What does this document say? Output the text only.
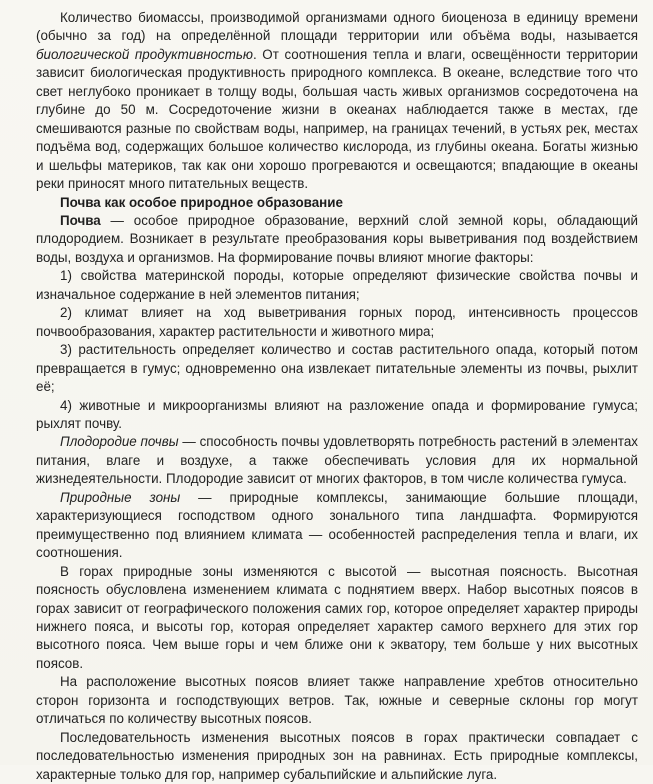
Количество биомассы, производимой организмами одного биоценоза в единицу времени (обычно за год) на определённой площади территории или объёма воды, называется биологической продуктивностью. От соотношения тепла и влаги, освещённости территории зависит биологическая продуктивность природного комплекса. В океане, вследствие того что свет неглубоко проникает в толщу воды, большая часть живых организмов сосредоточена на глубине до 50 м. Сосредоточение жизни в океанах наблюдается также в местах, где смешиваются разные по свойствам воды, например, на границах течений, в устьях рек, местах подъёма вод, содержащих большое количество кислорода, из глубины океана. Богаты жизнью и шельфы материков, так как они хорошо прогреваются и освещаются; впадающие в океаны реки приносят много питательных веществ.

Почва как особое природное образование

Почва — особое природное образование, верхний слой земной коры, обладающий плодородием. Возникает в результате преобразования коры выветривания под воздействием воды, воздуха и организмов. На формирование почвы влияют многие факторы:

1) свойства материнской породы, которые определяют физические свойства почвы и изначальное содержание в ней элементов питания;

2) климат влияет на ход выветривания горных пород, интенсивность процессов почвообразования, характер растительности и животного мира;

3) растительность определяет количество и состав растительного опада, который потом превращается в гумус; одновременно она извлекает питательные элементы из почвы, рыхлит её;

4) животные и микроорганизмы влияют на разложение опада и формирование гумуса; рыхлят почву.

Плодородие почвы — способность почвы удовлетворять потребность растений в элементах питания, влаге и воздухе, а также обеспечивать условия для их нормальной жизнедеятельности. Плодородие зависит от многих факторов, в том числе количества гумуса.

Природные зоны — природные комплексы, занимающие большие площади, характеризующиеся господством одного зонального типа ландшафта. Формируются преимущественно под влиянием климата — особенностей распределения тепла и влаги, их соотношения.

В горах природные зоны изменяются с высотой — высотная поясность. Высотная поясность обусловлена изменением климата с поднятием вверх. Набор высотных поясов в горах зависит от географического положения самих гор, которое определяет характер природы нижнего пояса, и высоты гор, которая определяет характер самого верхнего для этих гор высотного пояса. Чем выше горы и чем ближе они к экватору, тем больше у них высотных поясов.

На расположение высотных поясов влияет также направление хребтов относительно сторон горизонта и господствующих ветров. Так, южные и северные склоны гор могут отличаться по количеству высотных поясов.

Последовательность изменения высотных поясов в горах практически совпадает с последовательностью изменения природных зон на равнинах. Есть природные комплексы, характерные только для гор, например субальпийские и альпийские луга.
